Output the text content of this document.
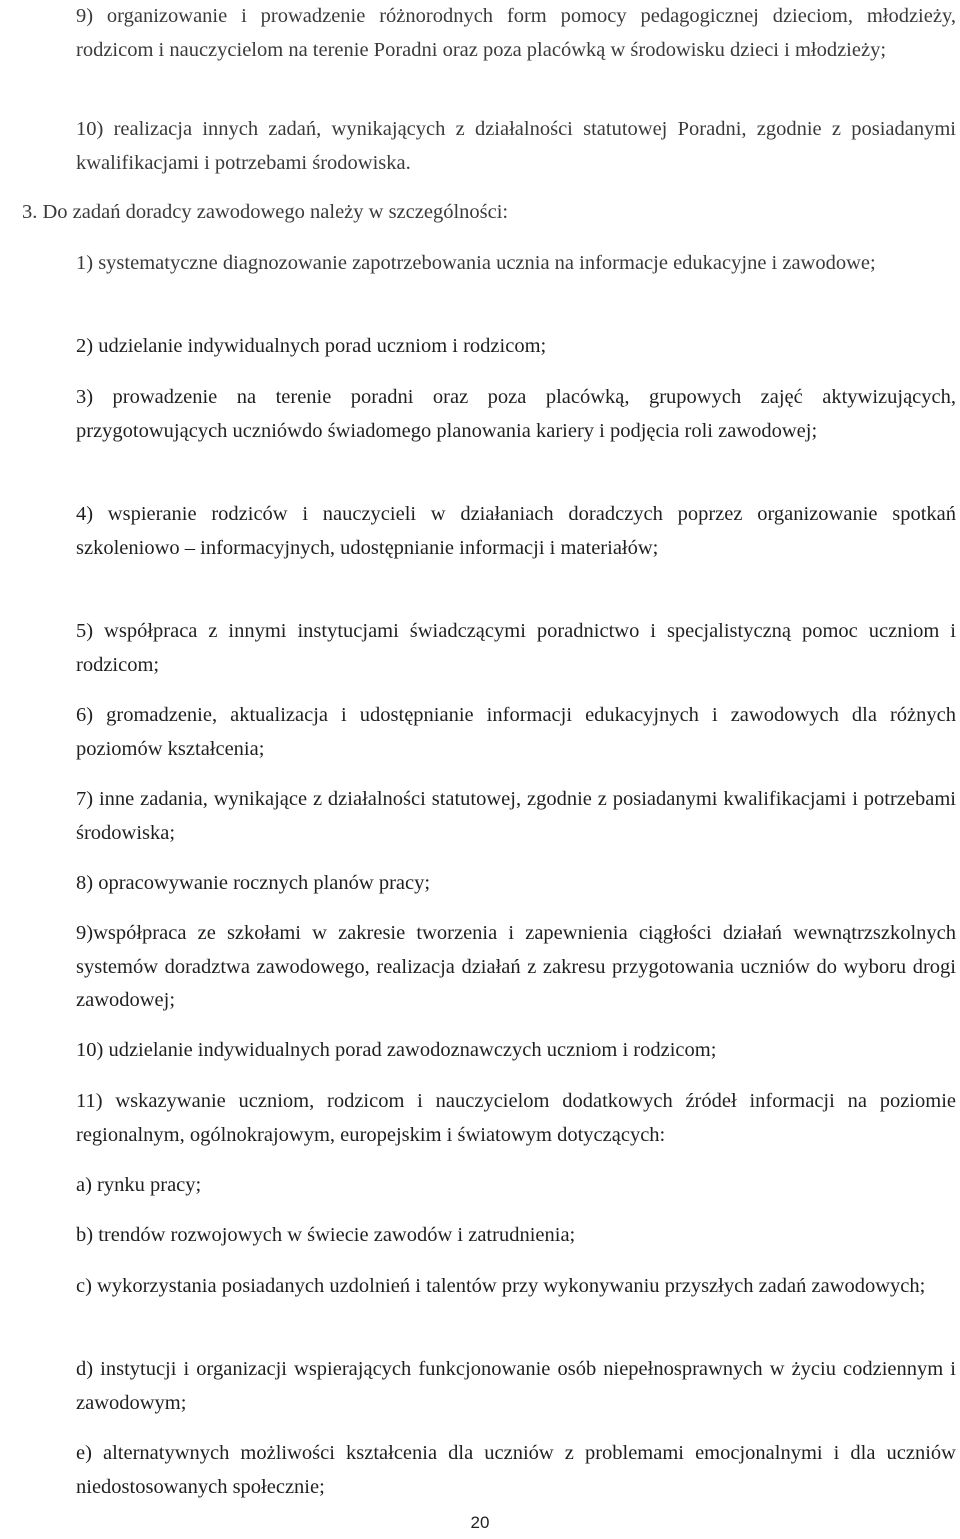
9) organizowanie i prowadzenie różnorodnych form pomocy pedagogicznej dzieciom, młodzieży, rodzicom i nauczycielom na terenie Poradni oraz poza placówką w środowisku dzieci i młodzieży;

10) realizacja innych zadań, wynikających z działalności statutowej Poradni, zgodnie z posiadanymi kwalifikacjami i potrzebami środowiska.

3. Do zadań doradcy zawodowego należy w szczególności:

1) systematyczne diagnozowanie zapotrzebowania ucznia na informacje edukacyjne i zawodowe;

2) udzielanie indywidualnych porad uczniom i rodzicom;

3) prowadzenie na terenie poradni oraz poza placówką, grupowych zajęć aktywizujących, przygotowujących uczniówdo świadomego planowania kariery i podjęcia roli zawodowej;

4) wspieranie rodziców i nauczycieli w działaniach doradczych poprzez organizowanie spotkań szkoleniowo – informacyjnych, udostępnianie informacji i materiałów;

5) współpraca z innymi instytucjami świadczącymi poradnictwo i specjalistyczną pomoc uczniom i rodzicom;

6) gromadzenie, aktualizacja i udostępnianie informacji edukacyjnych i zawodowych dla różnych poziomów kształcenia;

7) inne zadania, wynikające z działalności statutowej, zgodnie z posiadanymi kwalifikacjami i potrzebami środowiska;

8) opracowywanie rocznych planów pracy;

9)współpraca ze szkołami w zakresie tworzenia i zapewnienia ciągłości działań wewnątrzszkolnych systemów doradztwa zawodowego, realizacja działań z zakresu przygotowania uczniów do wyboru drogi zawodowej;

10) udzielanie indywidualnych porad zawodoznawczych uczniom i rodzicom;

11) wskazywanie uczniom, rodzicom i nauczycielom dodatkowych źródeł informacji na poziomie regionalnym, ogólnokrajowym, europejskim i światowym dotyczących:

a) rynku pracy;

b) trendów rozwojowych w świecie zawodów i zatrudnienia;

c) wykorzystania posiadanych uzdolnień i talentów przy wykonywaniu przyszłych zadań zawodowych;

d) instytucji i organizacji wspierających funkcjonowanie osób niepełnosprawnych w życiu codziennym i zawodowym;

e) alternatywnych możliwości kształcenia dla uczniów z problemami emocjonalnymi i dla uczniów niedostosowanych społecznie;

20
